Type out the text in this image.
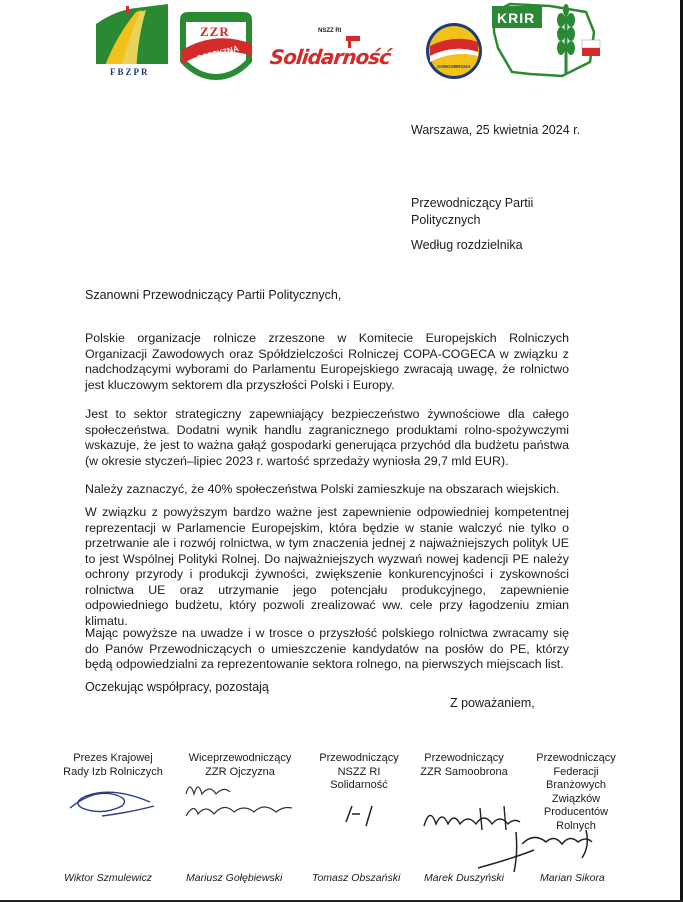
FBZPR
ZZR
OJCZYZNA
NSZZ RI
Solidarność	SAMOOBRONA
KRIR
Warszawa, 25 kwietnia 2024 r.
Przewodniczący Partii
Politycznych
Według rozdzielnika
Szanowni Przewodniczący Partii Politycznych,
Polskie organizacje rolnicze zrzeszone w Komitecie Europejskich Rolniczych Organizacji Zawodowych oraz Spółdzielczości Rolniczej COPA-COGECA w związku z nadchodzącymi wyborami do Parlamentu Europejskiego zwracają uwagę, że rolnictwo jest kluczowym sektorem dla przyszłości Polski i Europy.
Jest to sektor strategiczny zapewniający bezpieczeństwo żywnościowe dla całego społeczeństwa. Dodatni wynik handlu zagranicznego produktami rolno-spożywczymi wskazuje, że jest to ważna gałąź gospodarki generująca przychód dla budżetu państwa (w okresie styczeń–lipiec 2023 r. wartość sprzedaży wyniosła 29,7 mld EUR).
Należy zaznaczyć, że 40% społeczeństwa Polski zamieszkuje na obszarach wiejskich.
W związku z powyższym bardzo ważne jest zapewnienie odpowiedniej kompetentnej reprezentacji w Parlamencie Europejskim, która będzie w stanie walczyć nie tylko o przetrwanie ale i rozwój rolnictwa, w tym znaczenia jednej z najważniejszych polityk UE to jest Wspólnej Polityki Rolnej. Do najważniejszych wyzwań nowej kadencji PE należy ochrony przyrody i produkcji żywności, zwiększenie konkurencyjności i zyskowności rolnictwa UE oraz utrzymanie jego potencjału produkcyjnego, zapewnienie odpowiedniego budżetu, który pozwoli zrealizować ww. cele przy łagodzeniu zmian klimatu.
Mając powyższe na uwadze i w trosce o przyszłość polskiego rolnictwa zwracamy się do Panów Przewodniczących o umieszczenie kandydatów na posłów do PE, którzy będą odpowiedzialni za reprezentowanie sektora rolnego, na pierwszych miejscach list.
Oczekując współpracy, pozostają
Z poważaniem,
Prezes Krajowej Rady Izb Rolniczych
Wiceprzewodniczący ZZR Ojczyzna
Przewodniczący NSZZ RI Solidarność
Przewodniczący ZZR Samoobrona
Przewodniczący Federacji Branżowych Związków Producentów Rolnych
Wiktor Szmulewicz	Mariusz Gołębiewski	Tomasz Obszański Marek Duszyński	Marian Sikora
